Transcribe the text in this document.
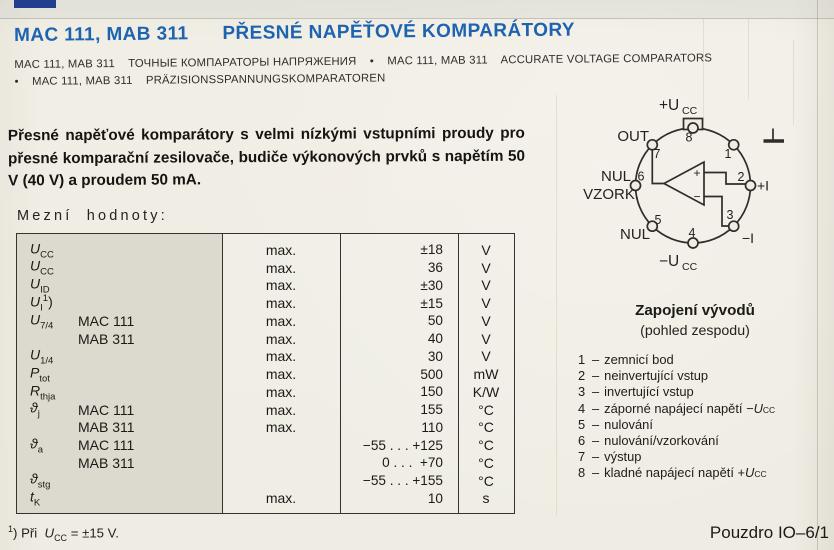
MAC 111, MAB 311 PŘESNÉ NAPĚŤOVÉ KOMPARÁTORY
MAC 111, MAB 311    ТОЧНЫЕ КОМПАРАТОРЫ НАПРЯЖЕНИЯ    •    MAC 111, MAB 311    ACCURATE VOLTAGE COMPARATORS
•    MAC 111, MAB 311    PRÄZISIONSSPANNUNGSKOMPARATOREN
Přesné napěťové komparátory s velmi nízkými vstupními proudy pro přesné komparační zesilovače, budiče výkonových prvků s napětím 50 V (40 V) a proudem 50 mA.
Mezní hodnoty:
$U_{CC}$	max.	±18	V
$U_{CC}$	max.	36	V
$U_{ID}$	max.	±30	V
$U_I^1$)	max.	±15	V
$U_{7/4}$	MAC 111	max.	50	V
MAB 311	max.	40	V
$U_{1/4}$	max.	30	V
$P_{tot}$	max.	500	mW
$R_{thja}$	max.	150	K/W
$ϑ_j$	MAC 111	max.	155	°C
MAB 311	max.	110	°C
$ϑ_a$	MAC 111	−55 . . . +125	°C
MAB 311	0 . . .  +70	°C
$ϑ_{stg}$	−55 . . . +155	°C
$t_K$	max.	10	s
8
1
2
3
4
5
6
7
+
−
+U CC
−U CC
OUT
NUL
VZORK.
NUL
+I
−I
Zapojení vývodů
(pohled zespodu)
1 – zemnicí bod
2 – neinvertující vstup
3 – invertující vstup
4 – záporné napájecí napětí − U CC
5 – nulování
6 – nulování/vzorkování
7 – výstup
8 – kladné napájecí napětí + U CC
$^1$) Při  $U_{CC} = \pm 15$ V.	Pouzdro IO–6/1
